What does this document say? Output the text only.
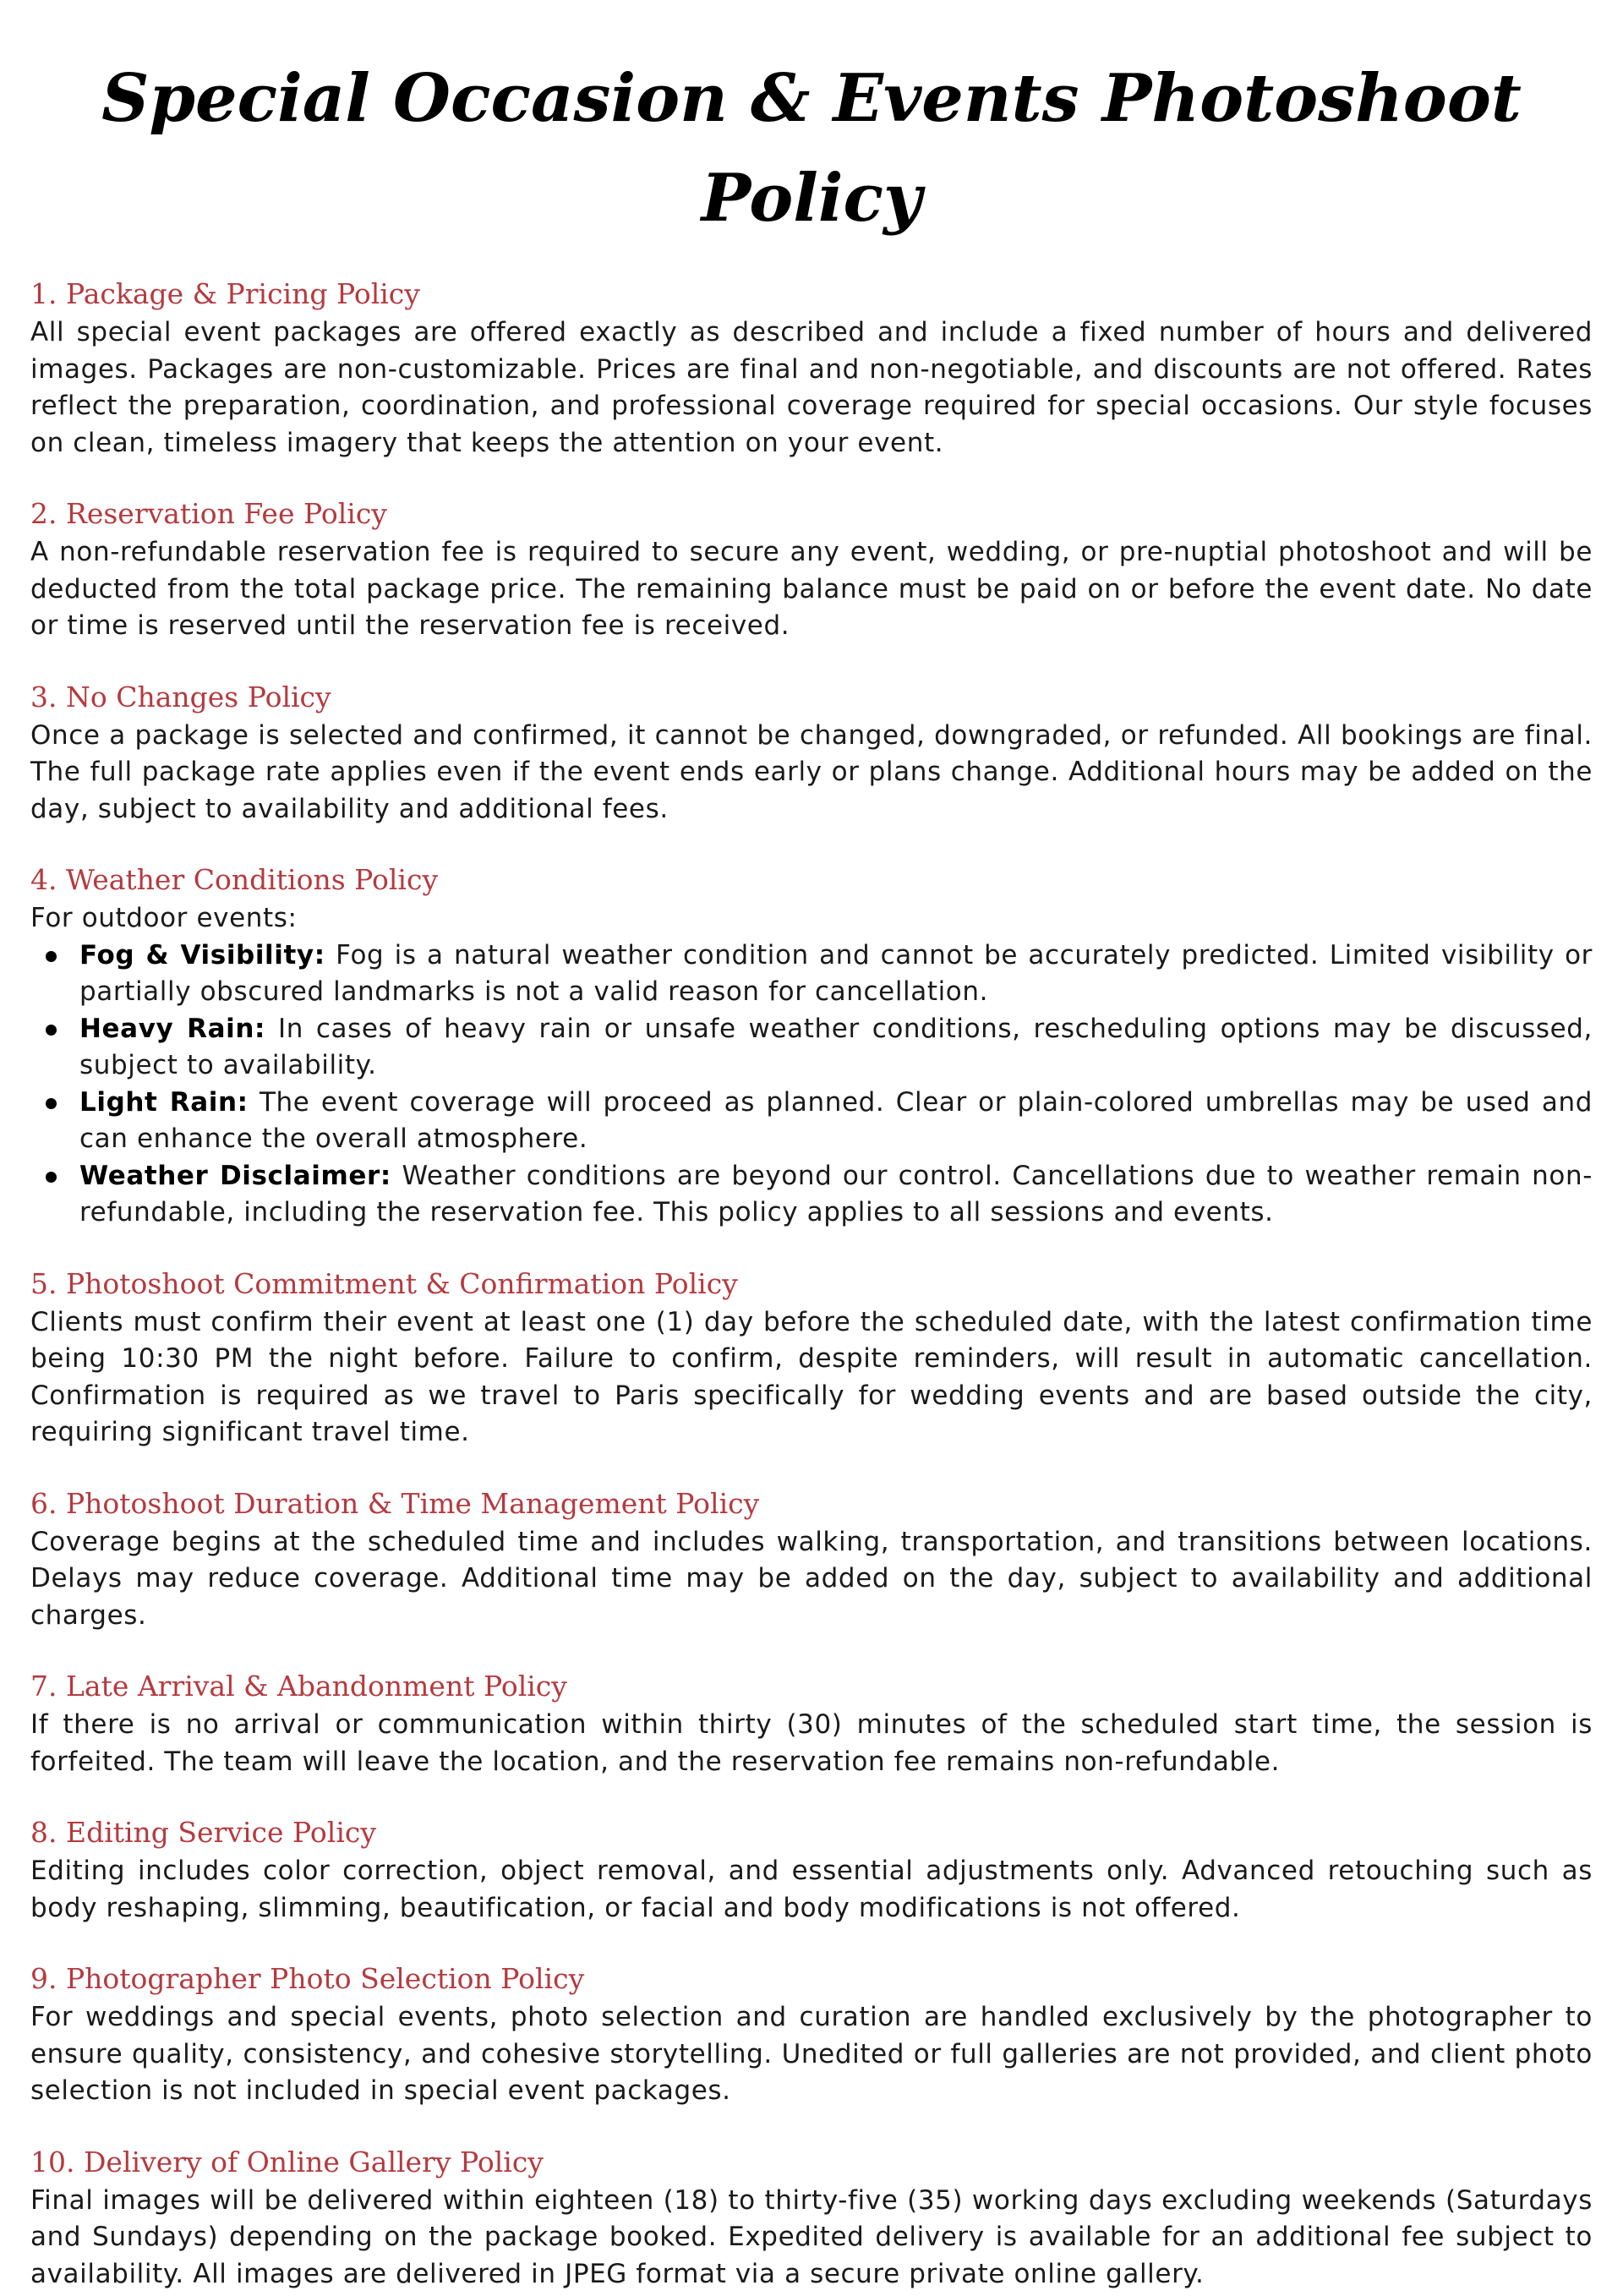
Special Occasion & Events Photoshoot Policy

1. Package & Pricing Policy

All special event packages are offered exactly as described and include a fixed number of hours and delivered images. Packages are non-customizable. Prices are final and non-negotiable, and discounts are not offered. Rates reflect the preparation, coordination, and professional coverage required for special occasions. Our style focuses on clean, timeless imagery that keeps the attention on your event.

2. Reservation Fee Policy

A non-refundable reservation fee is required to secure any event, wedding, or pre-nuptial photoshoot and will be deducted from the total package price. The remaining balance must be paid on or before the event date. No date or time is reserved until the reservation fee is received.

3. No Changes Policy

Once a package is selected and confirmed, it cannot be changed, downgraded, or refunded. All bookings are final. The full package rate applies even if the event ends early or plans change. Additional hours may be added on the day, subject to availability and additional fees.

4. Weather Conditions Policy

For outdoor events:

Fog & Visibility: Fog is a natural weather condition and cannot be accurately predicted. Limited visibility or partially obscured landmarks is not a valid reason for cancellation.
Heavy Rain: In cases of heavy rain or unsafe weather conditions, rescheduling options may be discussed, subject to availability.
Light Rain: The event coverage will proceed as planned. Clear or plain-colored umbrellas may be used and can enhance the overall atmosphere.
Weather Disclaimer: Weather conditions are beyond our control. Cancellations due to weather remain non-refundable, including the reservation fee. This policy applies to all sessions and events.

5. Photoshoot Commitment & Confirmation Policy

Clients must confirm their event at least one (1) day before the scheduled date, with the latest confirmation time being 10:30 PM the night before. Failure to confirm, despite reminders, will result in automatic cancellation. Confirmation is required as we travel to Paris specifically for wedding events and are based outside the city, requiring significant travel time.

6. Photoshoot Duration & Time Management Policy

Coverage begins at the scheduled time and includes walking, transportation, and transitions between locations. Delays may reduce coverage. Additional time may be added on the day, subject to availability and additional charges.

7. Late Arrival & Abandonment Policy

If there is no arrival or communication within thirty (30) minutes of the scheduled start time, the session is forfeited. The team will leave the location, and the reservation fee remains non-refundable.

8. Editing Service Policy

Editing includes color correction, object removal, and essential adjustments only. Advanced retouching such as body reshaping, slimming, beautification, or facial and body modifications is not offered.

9. Photographer Photo Selection Policy

For weddings and special events, photo selection and curation are handled exclusively by the photographer to ensure quality, consistency, and cohesive storytelling. Unedited or full galleries are not provided, and client photo selection is not included in special event packages.

10. Delivery of Online Gallery Policy

Final images will be delivered within eighteen (18) to thirty-five (35) working days excluding weekends (Saturdays and Sundays) depending on the package booked. Expedited delivery is available for an additional fee subject to availability. All images are delivered in JPEG format via a secure private online gallery.
